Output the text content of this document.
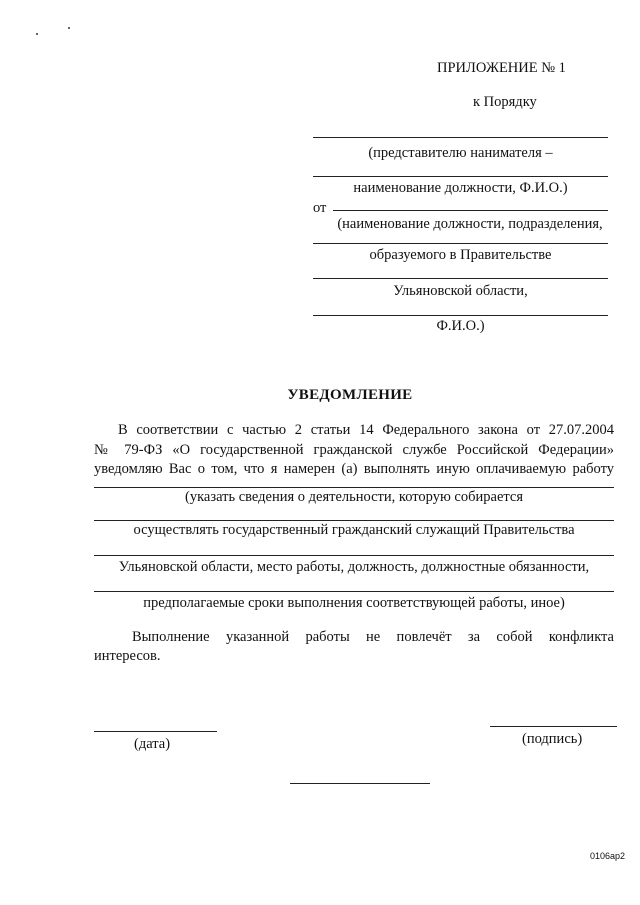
ПРИЛОЖЕНИЕ № 1
к Порядку
(представителю нанимателя –
наименование должности, Ф.И.О.)
от
(наименование должности, подразделения,
образуемого в Правительстве
Ульяновской области,
Ф.И.О.)
УВЕДОМЛЕНИЕ
В соответствии с частью 2 статьи 14 Федерального закона от 27.07.2004
№ 79-ФЗ «О государственной гражданской службе Российской Федерации»
уведомляю Вас о том, что я намерен (а) выполнять иную оплачиваемую работу
(указать сведения о деятельности, которую собирается
осуществлять государственный гражданский служащий Правительства
Ульяновской области, место работы, должность, должностные обязанности,
предполагаемые сроки выполнения соответствующей работы, иное)
Выполнение указанной работы не повлечёт за собой конфликта
интересов.
(дата)	(подпись)
0106ар2
